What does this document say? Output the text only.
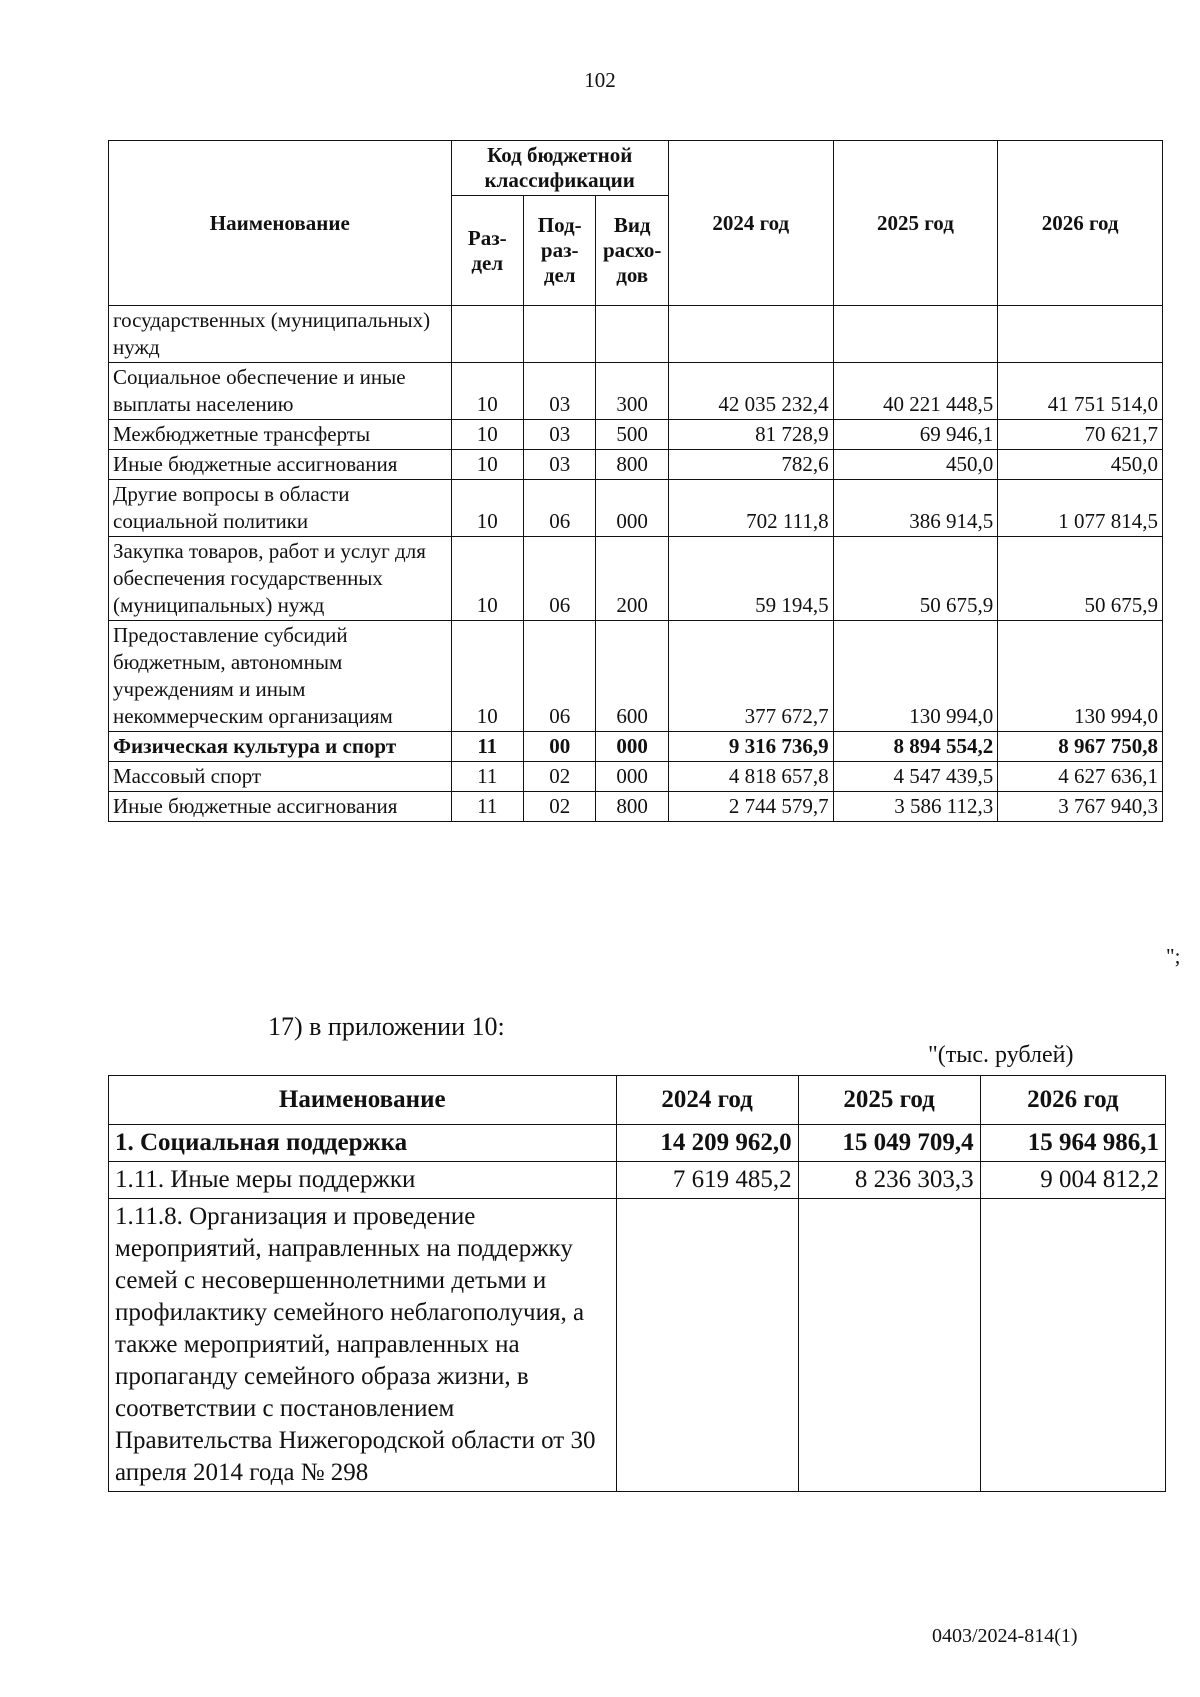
102
Наименование	Код бюджетной классификации			2024 год	2025 год	2026 год
	Раз- дел	Под- раз- дел	Вид расхо- дов			
государственных (муниципальных) нужд						
Социальное обеспечение и иные выплаты населению	10	03	300	42 035 232,4	40 221 448,5	41 751 514,0
Межбюджетные трансферты	10	03	500	81 728,9	69 946,1	70 621,7
Иные бюджетные ассигнования	10	03	800	782,6	450,0	450,0
Другие вопросы в области социальной политики	10	06	000	702 111,8	386 914,5	1 077 814,5
Закупка товаров, работ и услуг для обеспечения государственных (муниципальных) нужд	10	06	200	59 194,5	50 675,9	50 675,9
Предоставление субсидий бюджетным, автономным учреждениям и иным некоммерческим организациям	10	06	600	377 672,7	130 994,0	130 994,0
Физическая культура и спорт	11	00	000	9 316 736,9	8 894 554,2	8 967 750,8
Массовый спорт	11	02	000	4 818 657,8	4 547 439,5	4 627 636,1
Иные бюджетные ассигнования	11	02	800	2 744 579,7	3 586 112,3	3 767 940,3
";
17) в приложении 10:
"(тыс. рублей)
Наименование	2024 год	2025 год	2026 год
1. Социальная поддержка	14 209 962,0	15 049 709,4	15 964 986,1
1.11. Иные меры поддержки	7 619 485,2	8 236 303,3	9 004 812,2
1.11.8. Организация и проведение мероприятий, направленных на поддержку семей с несовершеннолетними детьми и профилактику семейного неблагополучия, а также мероприятий, направленных на пропаганду семейного образа жизни, в соответствии с постановлением Правительства Нижегородской области от 30 апреля 2014 года № 298			
0403/2024-814(1)
